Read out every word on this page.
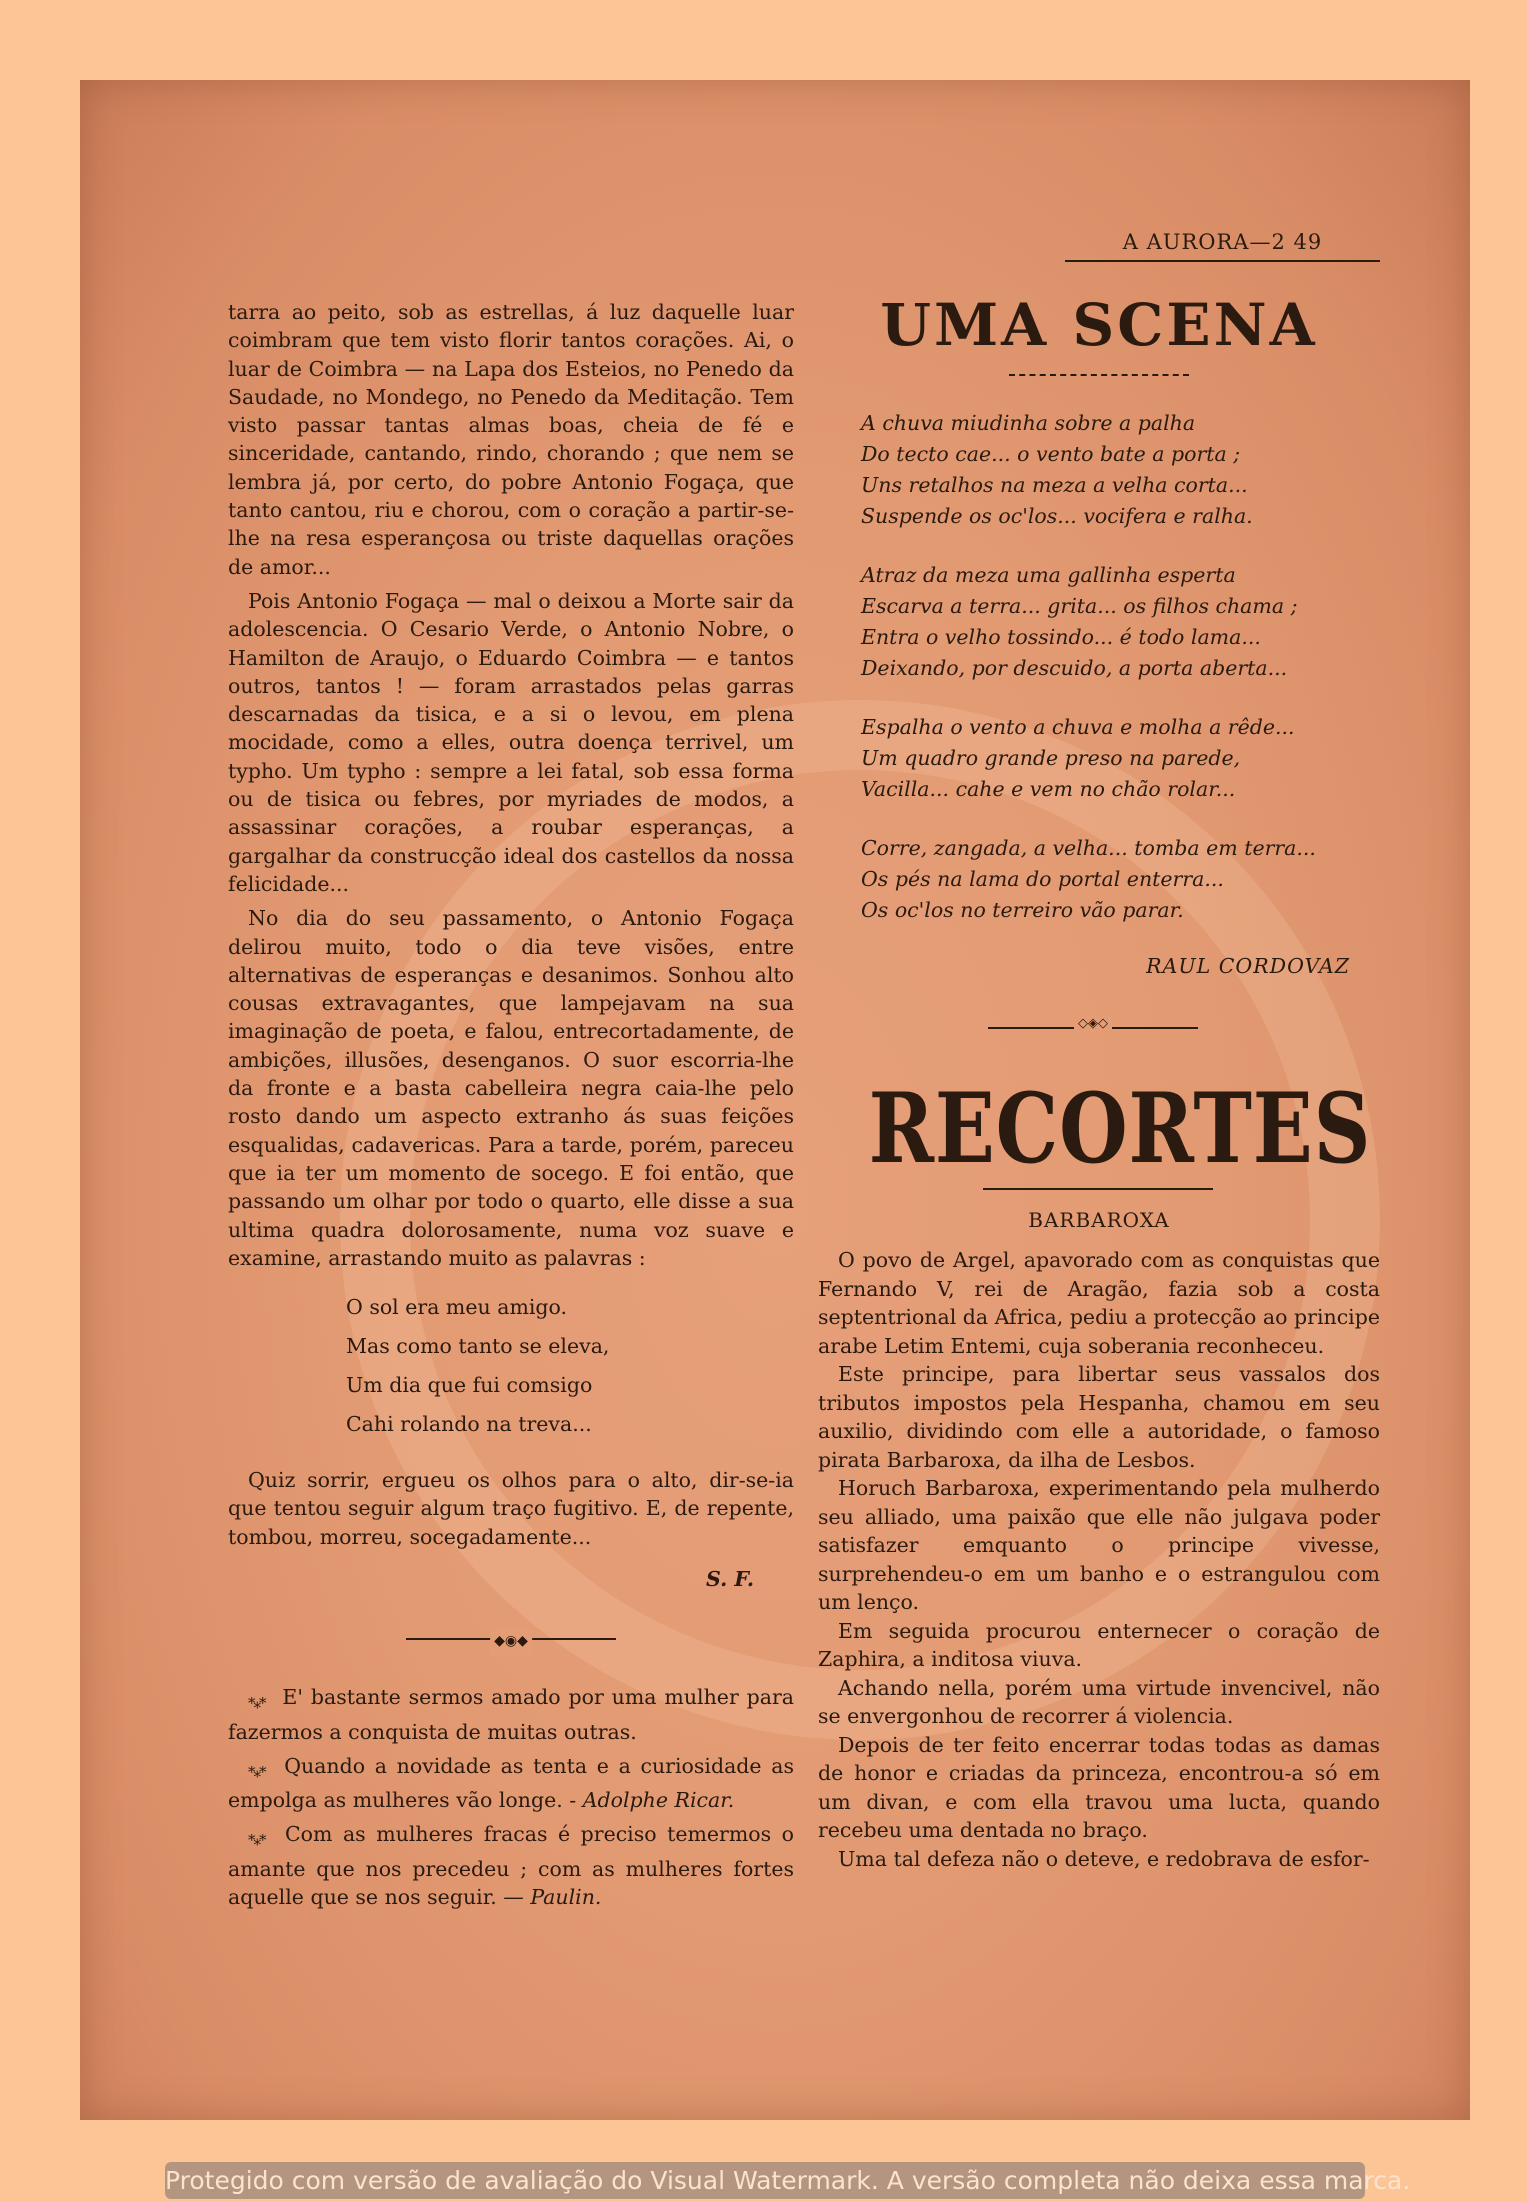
A AURORA—2 49

tarra ao peito, sob as estrellas, á luz daquelle luar coimbram que tem visto florir tantos corações. Ai, o luar de Coimbra — na Lapa dos Esteios, no Penedo da Saudade, no Mondego, no Penedo da Meditação. Tem visto passar tantas almas boas, cheia de fé e sinceridade, cantando, rindo, chorando ; que nem se lembra já, por certo, do pobre Antonio Fogaça, que tanto cantou, riu e chorou, com o coração a partir-se-lhe na resa esperançosa ou triste daquellas orações de amor...

Pois Antonio Fogaça — mal o deixou a Morte sair da adolescencia. O Cesario Verde, o Antonio Nobre, o Hamilton de Araujo, o Eduardo Coimbra — e tantos outros, tantos ! — foram arrastados pelas garras descarnadas da tisica, e a si o levou, em plena mocidade, como a elles, outra doença terrivel, um typho. Um typho : sempre a lei fatal, sob essa forma ou de tisica ou febres, por myriades de modos, a assassinar corações, a roubar esperanças, a gargalhar da construcção ideal dos castellos da nossa felicidade...

No dia do seu passamento, o Antonio Fogaça delirou muito, todo o dia teve visões, entre alternativas de esperanças e desanimos. Sonhou alto cousas extravagantes, que lampejavam na sua imaginação de poeta, e falou, entrecortadamente, de ambições, illusões, desenganos. O suor escorria-lhe da fronte e a basta cabelleira negra caia-lhe pelo rosto dando um aspecto extranho ás suas feições esqualidas, cadavericas. Para a tarde, porém, pareceu que ia ter um momento de socego. E foi então, que passando um olhar por todo o quarto, elle disse a sua ultima quadra dolorosamente, numa voz suave e examine, arrastando muito as palavras :

O sol era meu amigo.
Mas como tanto se eleva,
Um dia que fui comsigo
Cahi rolando na treva...

Quiz sorrir, ergueu os olhos para o alto, dir-se-ia que tentou seguir algum traço fugitivo. E, de repente, tombou, morreu, socegadamente...

S. F.
◆◉◆

*⁎* E' bastante sermos amado por uma mulher para fazermos a conquista de muitas outras.

*⁎* Quando a novidade as tenta e a curiosidade as empolga as mulheres vão longe. - Adolphe Ricar.

*⁎* Com as mulheres fracas é preciso temermos o amante que nos precedeu ; com as mulheres fortes aquelle que se nos seguir. — Paulin.

UMA SCENA
A chuva miudinha sobre a palha
Do tecto cae... o vento bate a porta ;
Uns retalhos na meza a velha corta...
Suspende os oc'los... vocifera e ralha.
Atraz da meza uma gallinha esperta
Escarva a terra... grita... os filhos chama ;
Entra o velho tossindo... é todo lama...
Deixando, por descuido, a porta aberta...
Espalha o vento a chuva e molha a rêde...
Um quadro grande preso na parede,
Vacilla... cahe e vem no chão rolar...
Corre, zangada, a velha... tomba em terra...
Os pés na lama do portal enterra...
Os oc'los no terreiro vão parar.
RAUL CORDOVAZ
◇◈◇
RECORTES
BARBAROXA

O povo de Argel, apavorado com as conquistas que Fernando V, rei de Aragão, fazia sob a costa septentrional da Africa, pediu a protecção ao principe arabe Letim Entemi, cuja soberania reconheceu.

Este principe, para libertar seus vassalos dos tributos impostos pela Hespanha, chamou em seu auxilio, dividindo com elle a autoridade, o famoso pirata Barbaroxa, da ilha de Lesbos.

Horuch Barbaroxa, experimentando pela mulherdo seu alliado, uma paixão que elle não julgava poder satisfazer emquanto o principe vivesse, surprehendeu-o em um banho e o estrangulou com um lenço.

Em seguida procurou enternecer o coração de Zaphira, a inditosa viuva.

Achando nella, porém uma virtude invencivel, não se envergonhou de recorrer á violencia.

Depois de ter feito encerrar todas todas as damas de honor e criadas da princeza, encontrou-a só em um divan, e com ella travou uma lucta, quando recebeu uma dentada no braço.

Uma tal defeza não o deteve, e redobrava de esfor-

Protegido com versão de avaliação do Visual Watermark. A versão completa não deixa essa marca.
